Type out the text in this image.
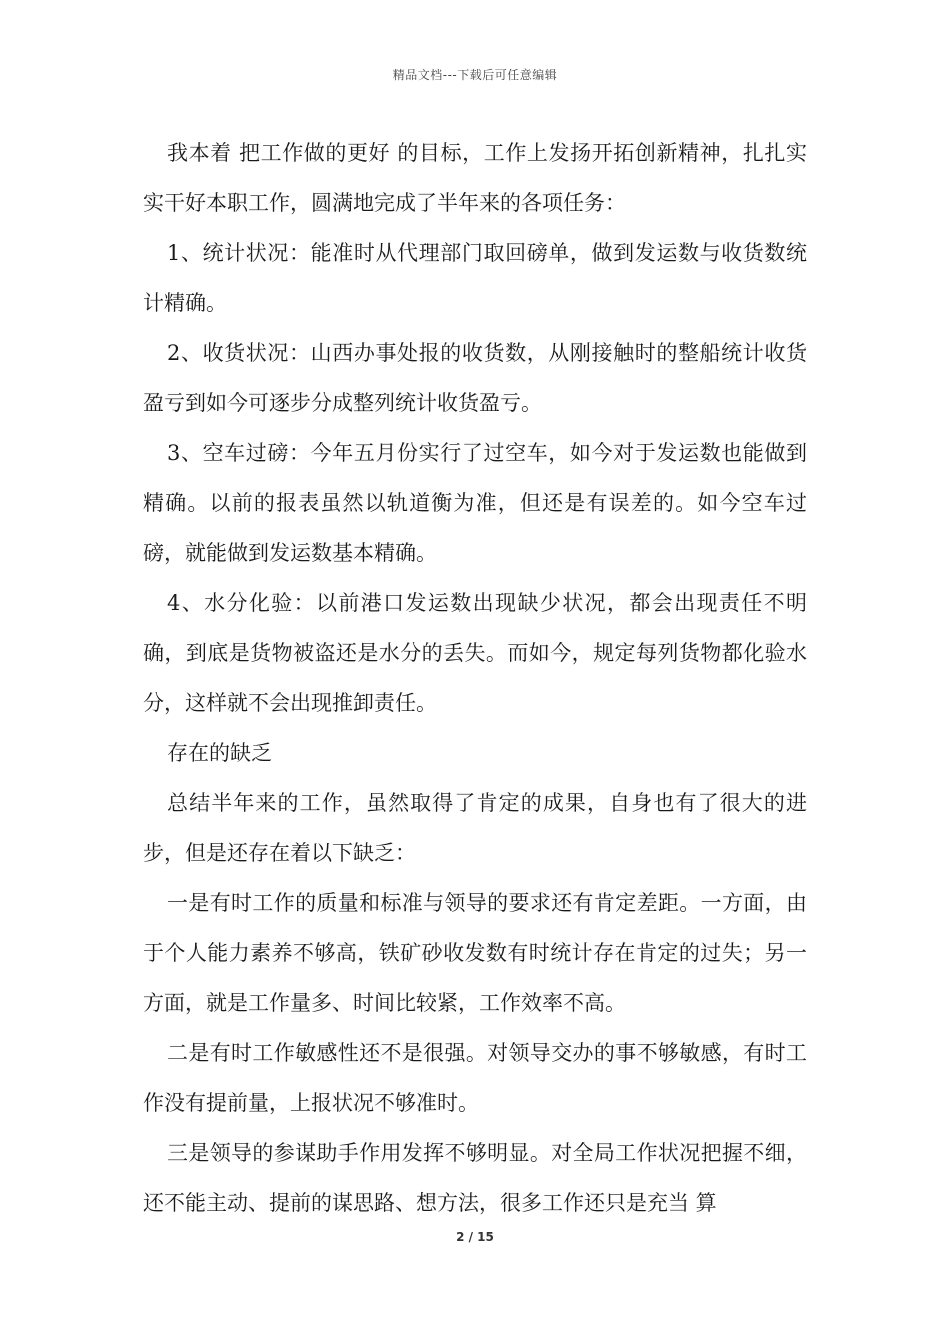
精品文档---下载后可任意编辑

我本着 把工作做的更好 的目标，工作上发扬开拓创新精神，扎扎实实干好本职工作，圆满地完成了半年来的各项任务：

1、统计状况：能准时从代理部门取回磅单，做到发运数与收货数统计精确。

2、收货状况：山西办事处报的收货数，从刚接触时的整船统计收货盈亏到如今可逐步分成整列统计收货盈亏。

3、空车过磅：今年五月份实行了过空车，如今对于发运数也能做到精确。以前的报表虽然以轨道衡为准，但还是有误差的。如今空车过磅，就能做到发运数基本精确。

4、水分化验：以前港口发运数出现缺少状况，都会出现责任不明确，到底是货物被盗还是水分的丢失。而如今，规定每列货物都化验水分，这样就不会出现推卸责任。

存在的缺乏

总结半年来的工作，虽然取得了肯定的成果，自身也有了很大的进步，但是还存在着以下缺乏：

一是有时工作的质量和标准与领导的要求还有肯定差距。一方面，由于个人能力素养不够高，铁矿砂收发数有时统计存在肯定的过失；另一方面，就是工作量多、时间比较紧，工作效率不高。

二是有时工作敏感性还不是很强。对领导交办的事不够敏感，有时工作没有提前量，上报状况不够准时。

三是领导的参谋助手作用发挥不够明显。对全局工作状况把握不细，还不能主动、提前的谋思路、想方法，很多工作还只是充当 算

2 / 15
